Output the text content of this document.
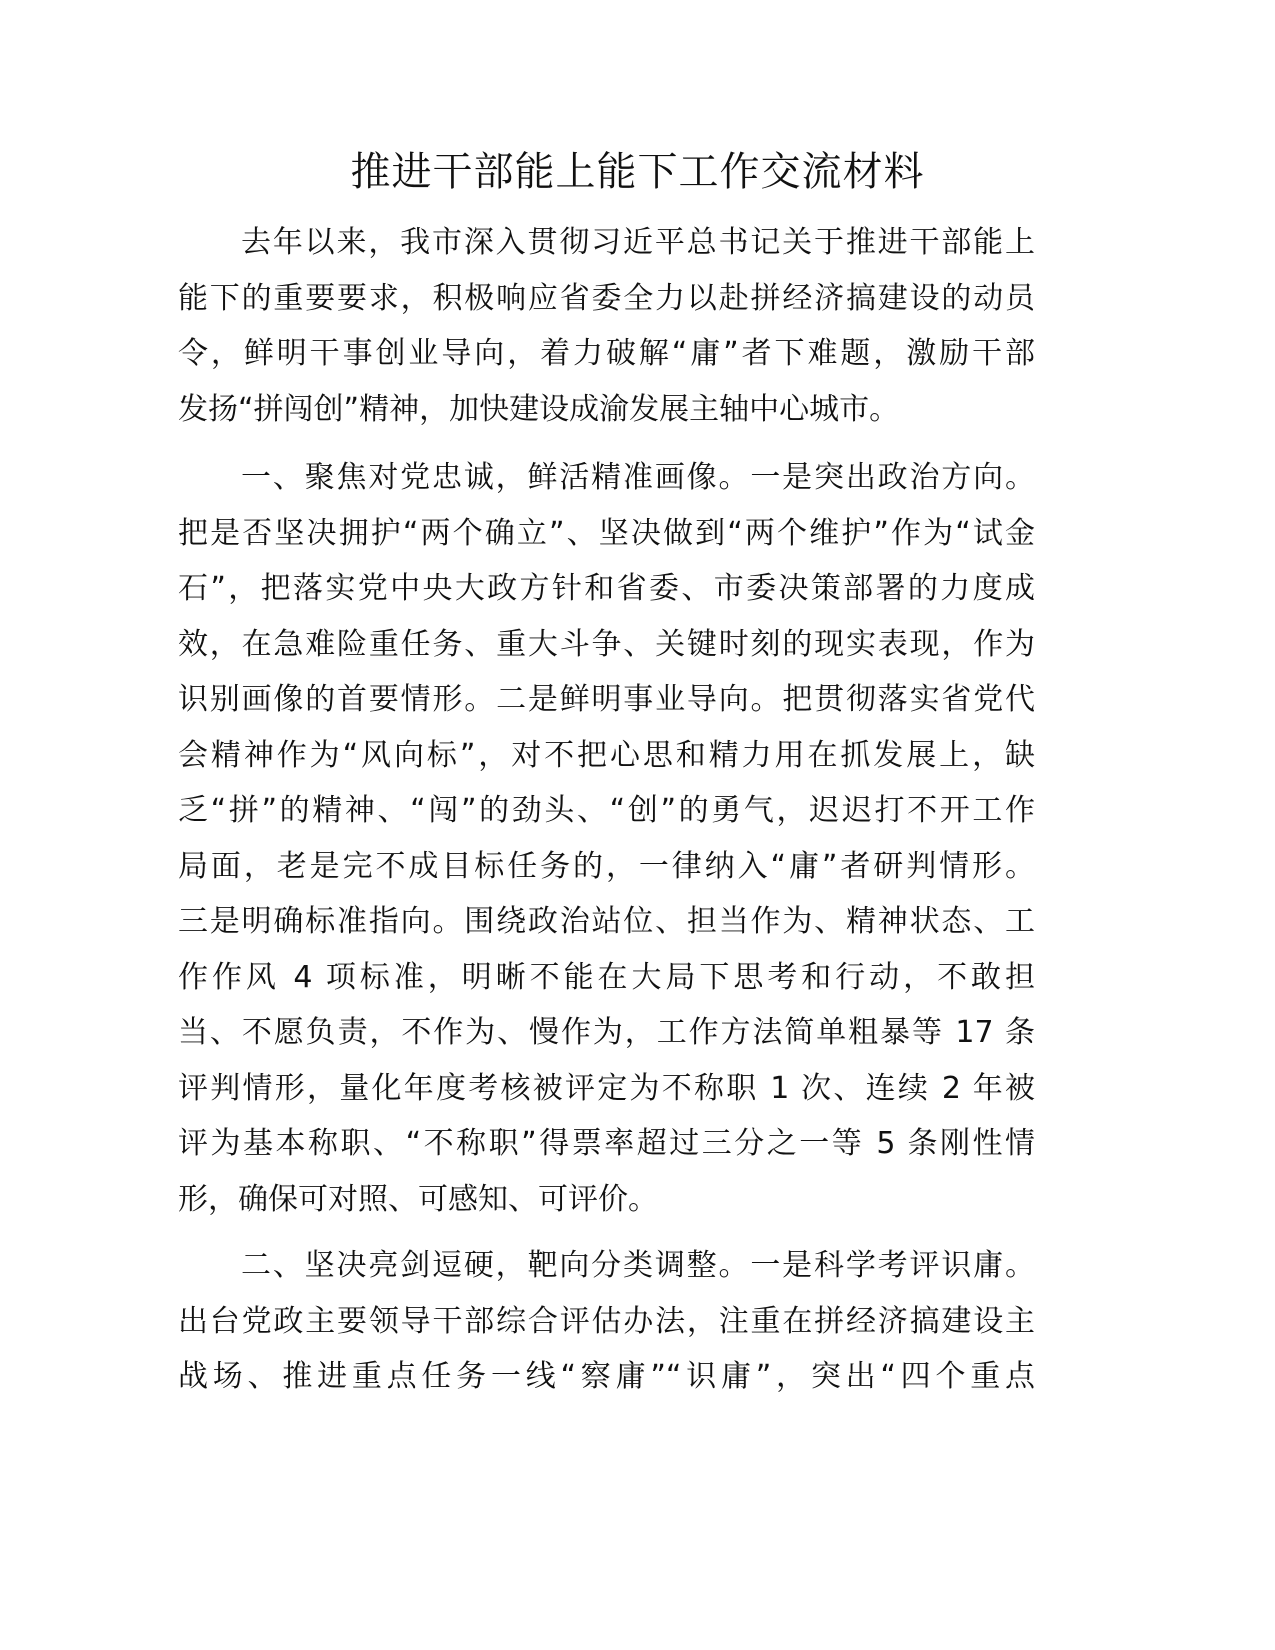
推进干部能上能下工作交流材料
去年以来，我市深入贯彻习近平总书记关于推进干部能上
能下的重要要求，积极响应省委全力以赴拼经济搞建设的动员
令，鲜明干事创业导向，着力破解“庸”者下难题，激励干部
发扬“拼闯创”精神，加快建设成渝发展主轴中心城市。
一、聚焦对党忠诚，鲜活精准画像。一是突出政治方向。
把是否坚决拥护“两个确立”、坚决做到“两个维护”作为“试金
石”，把落实党中央大政方针和省委、市委决策部署的力度成
效，在急难险重任务、重大斗争、关键时刻的现实表现，作为
识别画像的首要情形。二是鲜明事业导向。把贯彻落实省党代
会精神作为“风向标”，对不把心思和精力用在抓发展上，缺
乏“拼”的精神、“闯”的劲头、“创”的勇气，迟迟打不开工作
局面，老是完不成目标任务的，一律纳入“庸”者研判情形。
三是明确标准指向。围绕政治站位、担当作为、精神状态、工
作作风 4 项标准，明晰不能在大局下思考和行动，不敢担
当、不愿负责，不作为、慢作为，工作方法简单粗暴等 17 条
评判情形，量化年度考核被评定为不称职 1 次、连续 2 年被
评为基本称职、“不称职”得票率超过三分之一等 5 条刚性情
形，确保可对照、可感知、可评价。
二、坚决亮剑逗硬，靶向分类调整。一是科学考评识庸。
出台党政主要领导干部综合评估办法，注重在拼经济搞建设主
战场、推进重点任务一线“察庸”“识庸”，突出“四个重点
